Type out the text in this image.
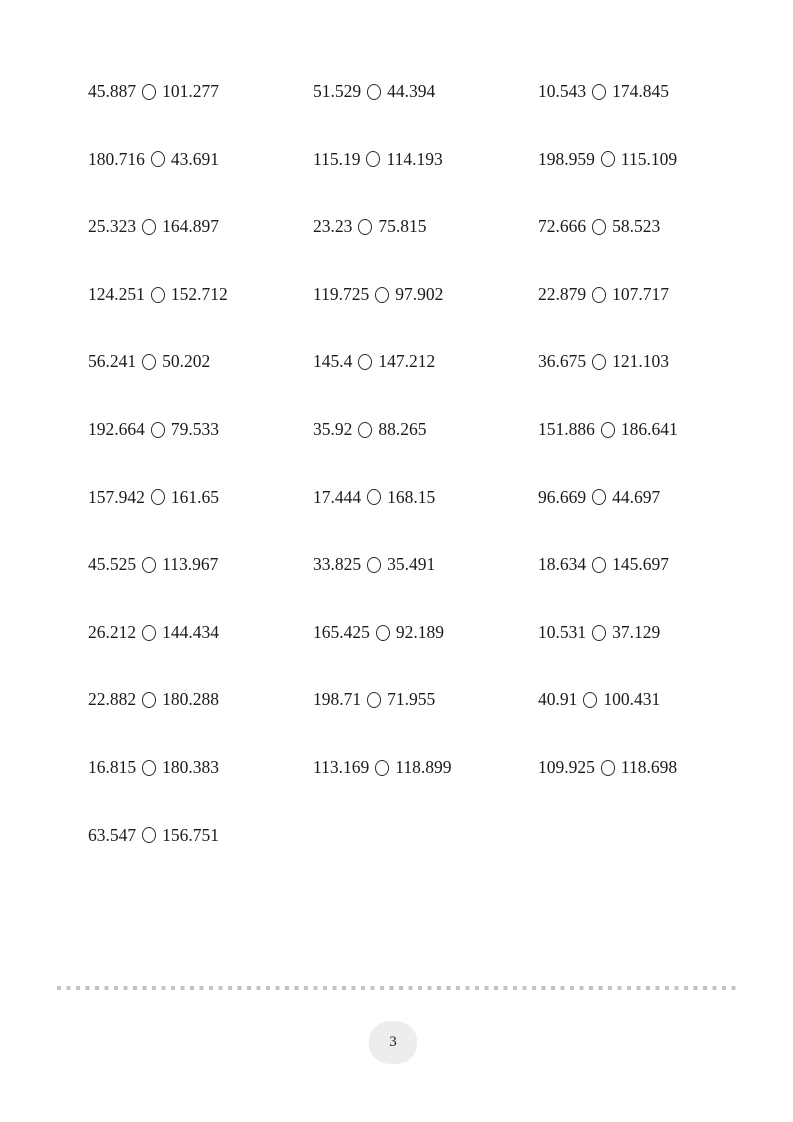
45.887 101.277	51.529 44.394	10.543 174.845
180.716 43.691	115.19 114.193	198.959 115.109
25.323 164.897	23.23 75.815	72.666 58.523
124.251 152.712	119.725 97.902	22.879 107.717
56.241 50.202	145.4 147.212	36.675 121.103
192.664 79.533	35.92 88.265	151.886 186.641
157.942 161.65	17.444 168.15	96.669 44.697
45.525 113.967	33.825 35.491	18.634 145.697
26.212 144.434	165.425 92.189	10.531 37.129
22.882 180.288	198.71 71.955	40.91 100.431
16.815 180.383	113.169 118.899	109.925 118.698
63.547 156.751
3
